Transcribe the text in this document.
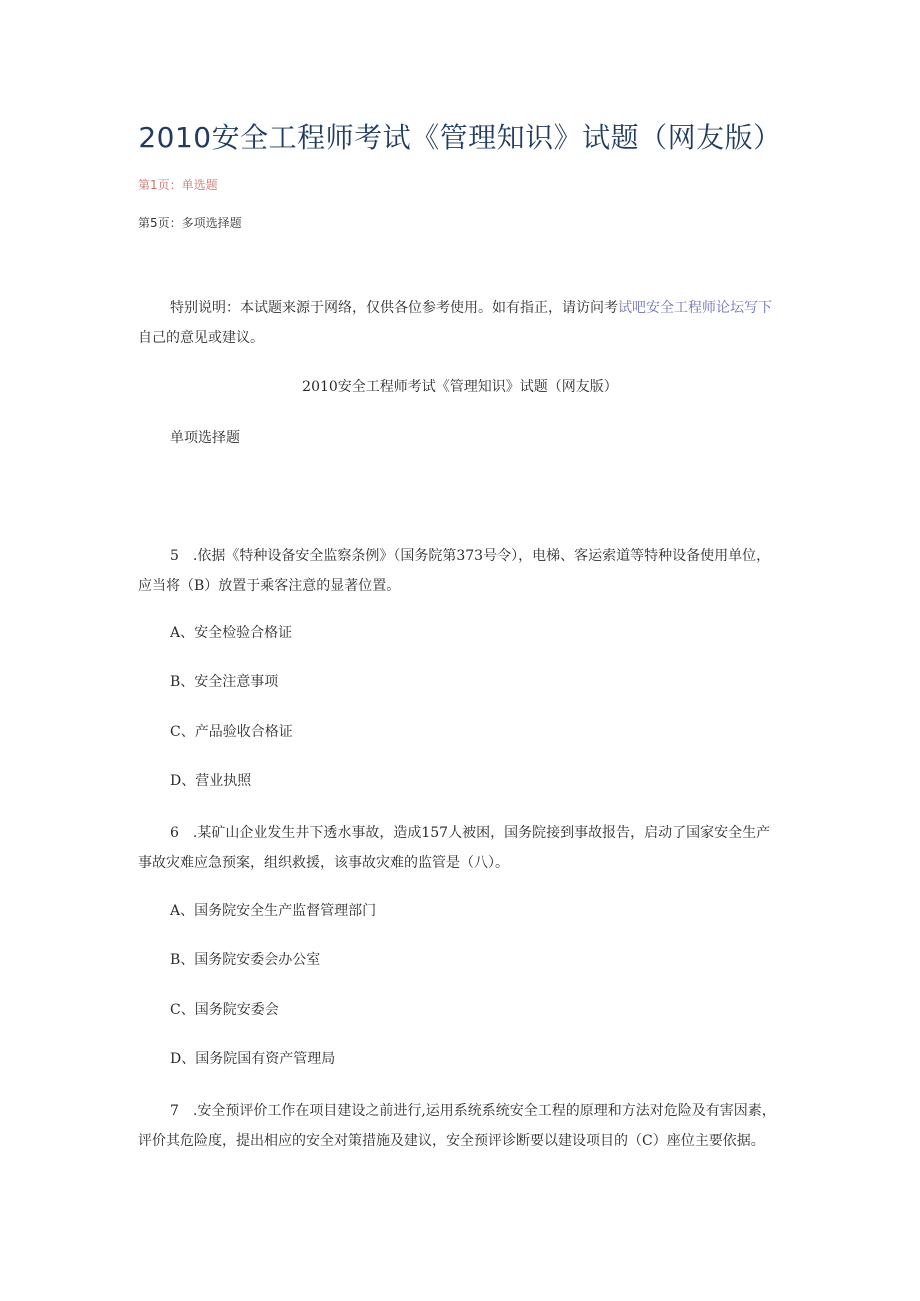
2010安全工程师考试《管理知识》试题（网友版）
第1页：单选题
第5页：多项选择题

特别说明：本试题来源于网络，仅供各位参考使用。如有指正，请访问考试吧安全工程师论坛写下自己的意见或建议。

2010安全工程师考试《管理知识》试题（网友版）
单项选择题

5　.依据《特种设备安全监察条例》（国务院第373号令），电梯、客运索道等特种设备使用单位，应当将（B）放置于乘客注意的显著位置。

A、安全检验合格证
B、安全注意事项
C、产品验收合格证
D、营业执照

6　.某矿山企业发生井下透水事故，造成157人被困，国务院接到事故报告，启动了国家安全生产事故灾难应急预案，组织救援，该事故灾难的监管是（八）。

A、国务院安全生产监督管理部门
B、国务院安委会办公室
C、国务院安委会
D、国务院国有资产管理局

7　.安全预评价工作在项目建设之前进行,运用系统系统安全工程的原理和方法对危险及有害因素，评价其危险度，提出相应的安全对策措施及建议，安全预评诊断要以建设项目的（C）座位主要依据。
